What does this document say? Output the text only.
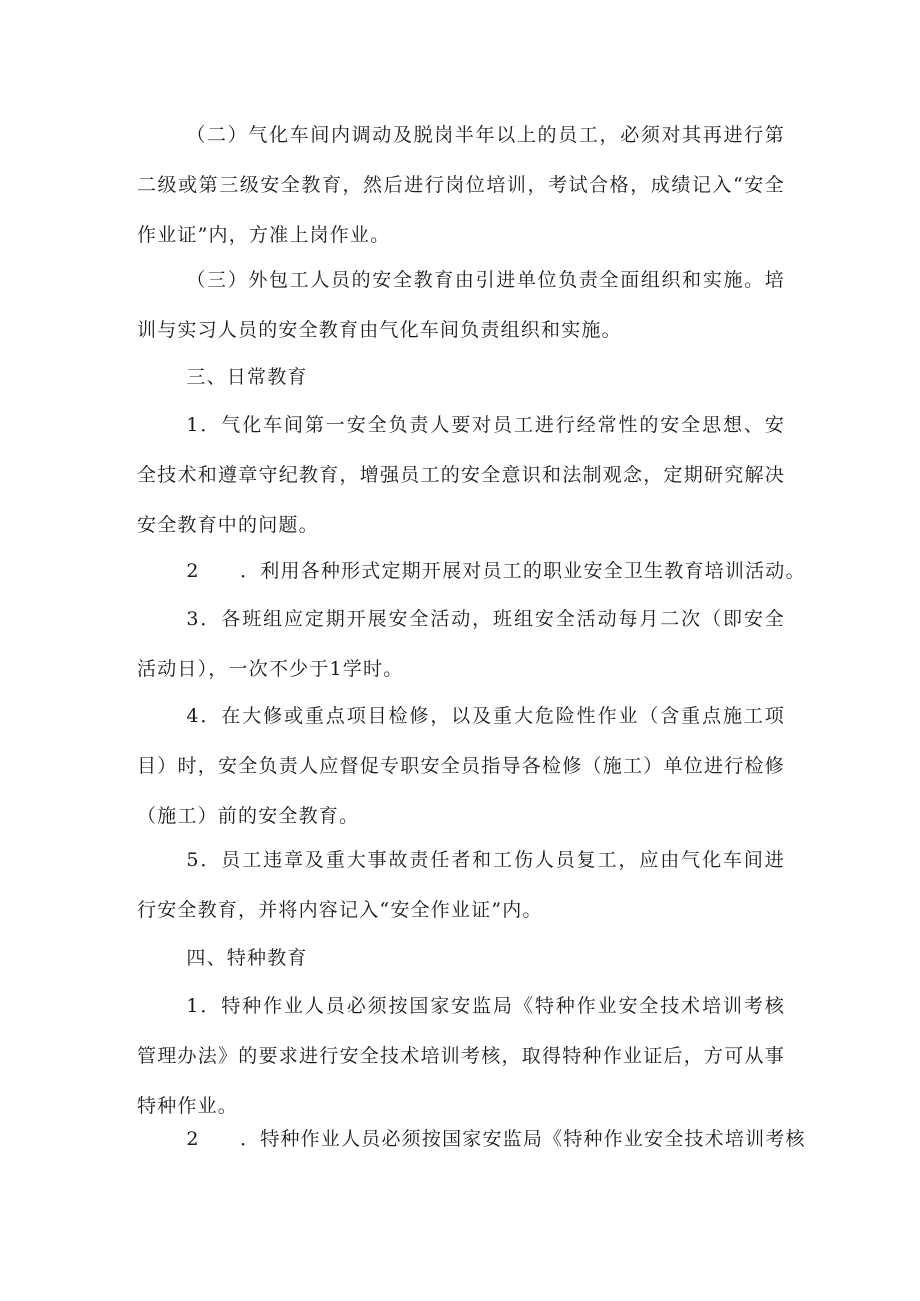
（二）气化车间内调动及脱岗半年以上的员工，必须对其再进行第二级或第三级安全教育，然后进行岗位培训，考试合格，成绩记入“安全作业证”内，方准上岗作业。

（三）外包工人员的安全教育由引进单位负责全面组织和实施。培训与实习人员的安全教育由气化车间负责组织和实施。

三、日常教育

1．气化车间第一安全负责人要对员工进行经常性的安全思想、安全技术和遵章守纪教育，增强员工的安全意识和法制观念，定期研究解决安全教育中的问题。

2　　．利用各种形式定期开展对员工的职业安全卫生教育培训活动。

3．各班组应定期开展安全活动，班组安全活动每月二次（即安全活动日），一次不少于1学时。

4．在大修或重点项目检修，以及重大危险性作业（含重点施工项目）时，安全负责人应督促专职安全员指导各检修（施工）单位进行检修（施工）前的安全教育。

5．员工违章及重大事故责任者和工伤人员复工，应由气化车间进行安全教育，并将内容记入“安全作业证”内。

四、特种教育

1．特种作业人员必须按国家安监局《特种作业安全技术培训考核管理办法》的要求进行安全技术培训考核，取得特种作业证后，方可从事特种作业。

2　　．特种作业人员必须按国家安监局《特种作业安全技术培训考核
